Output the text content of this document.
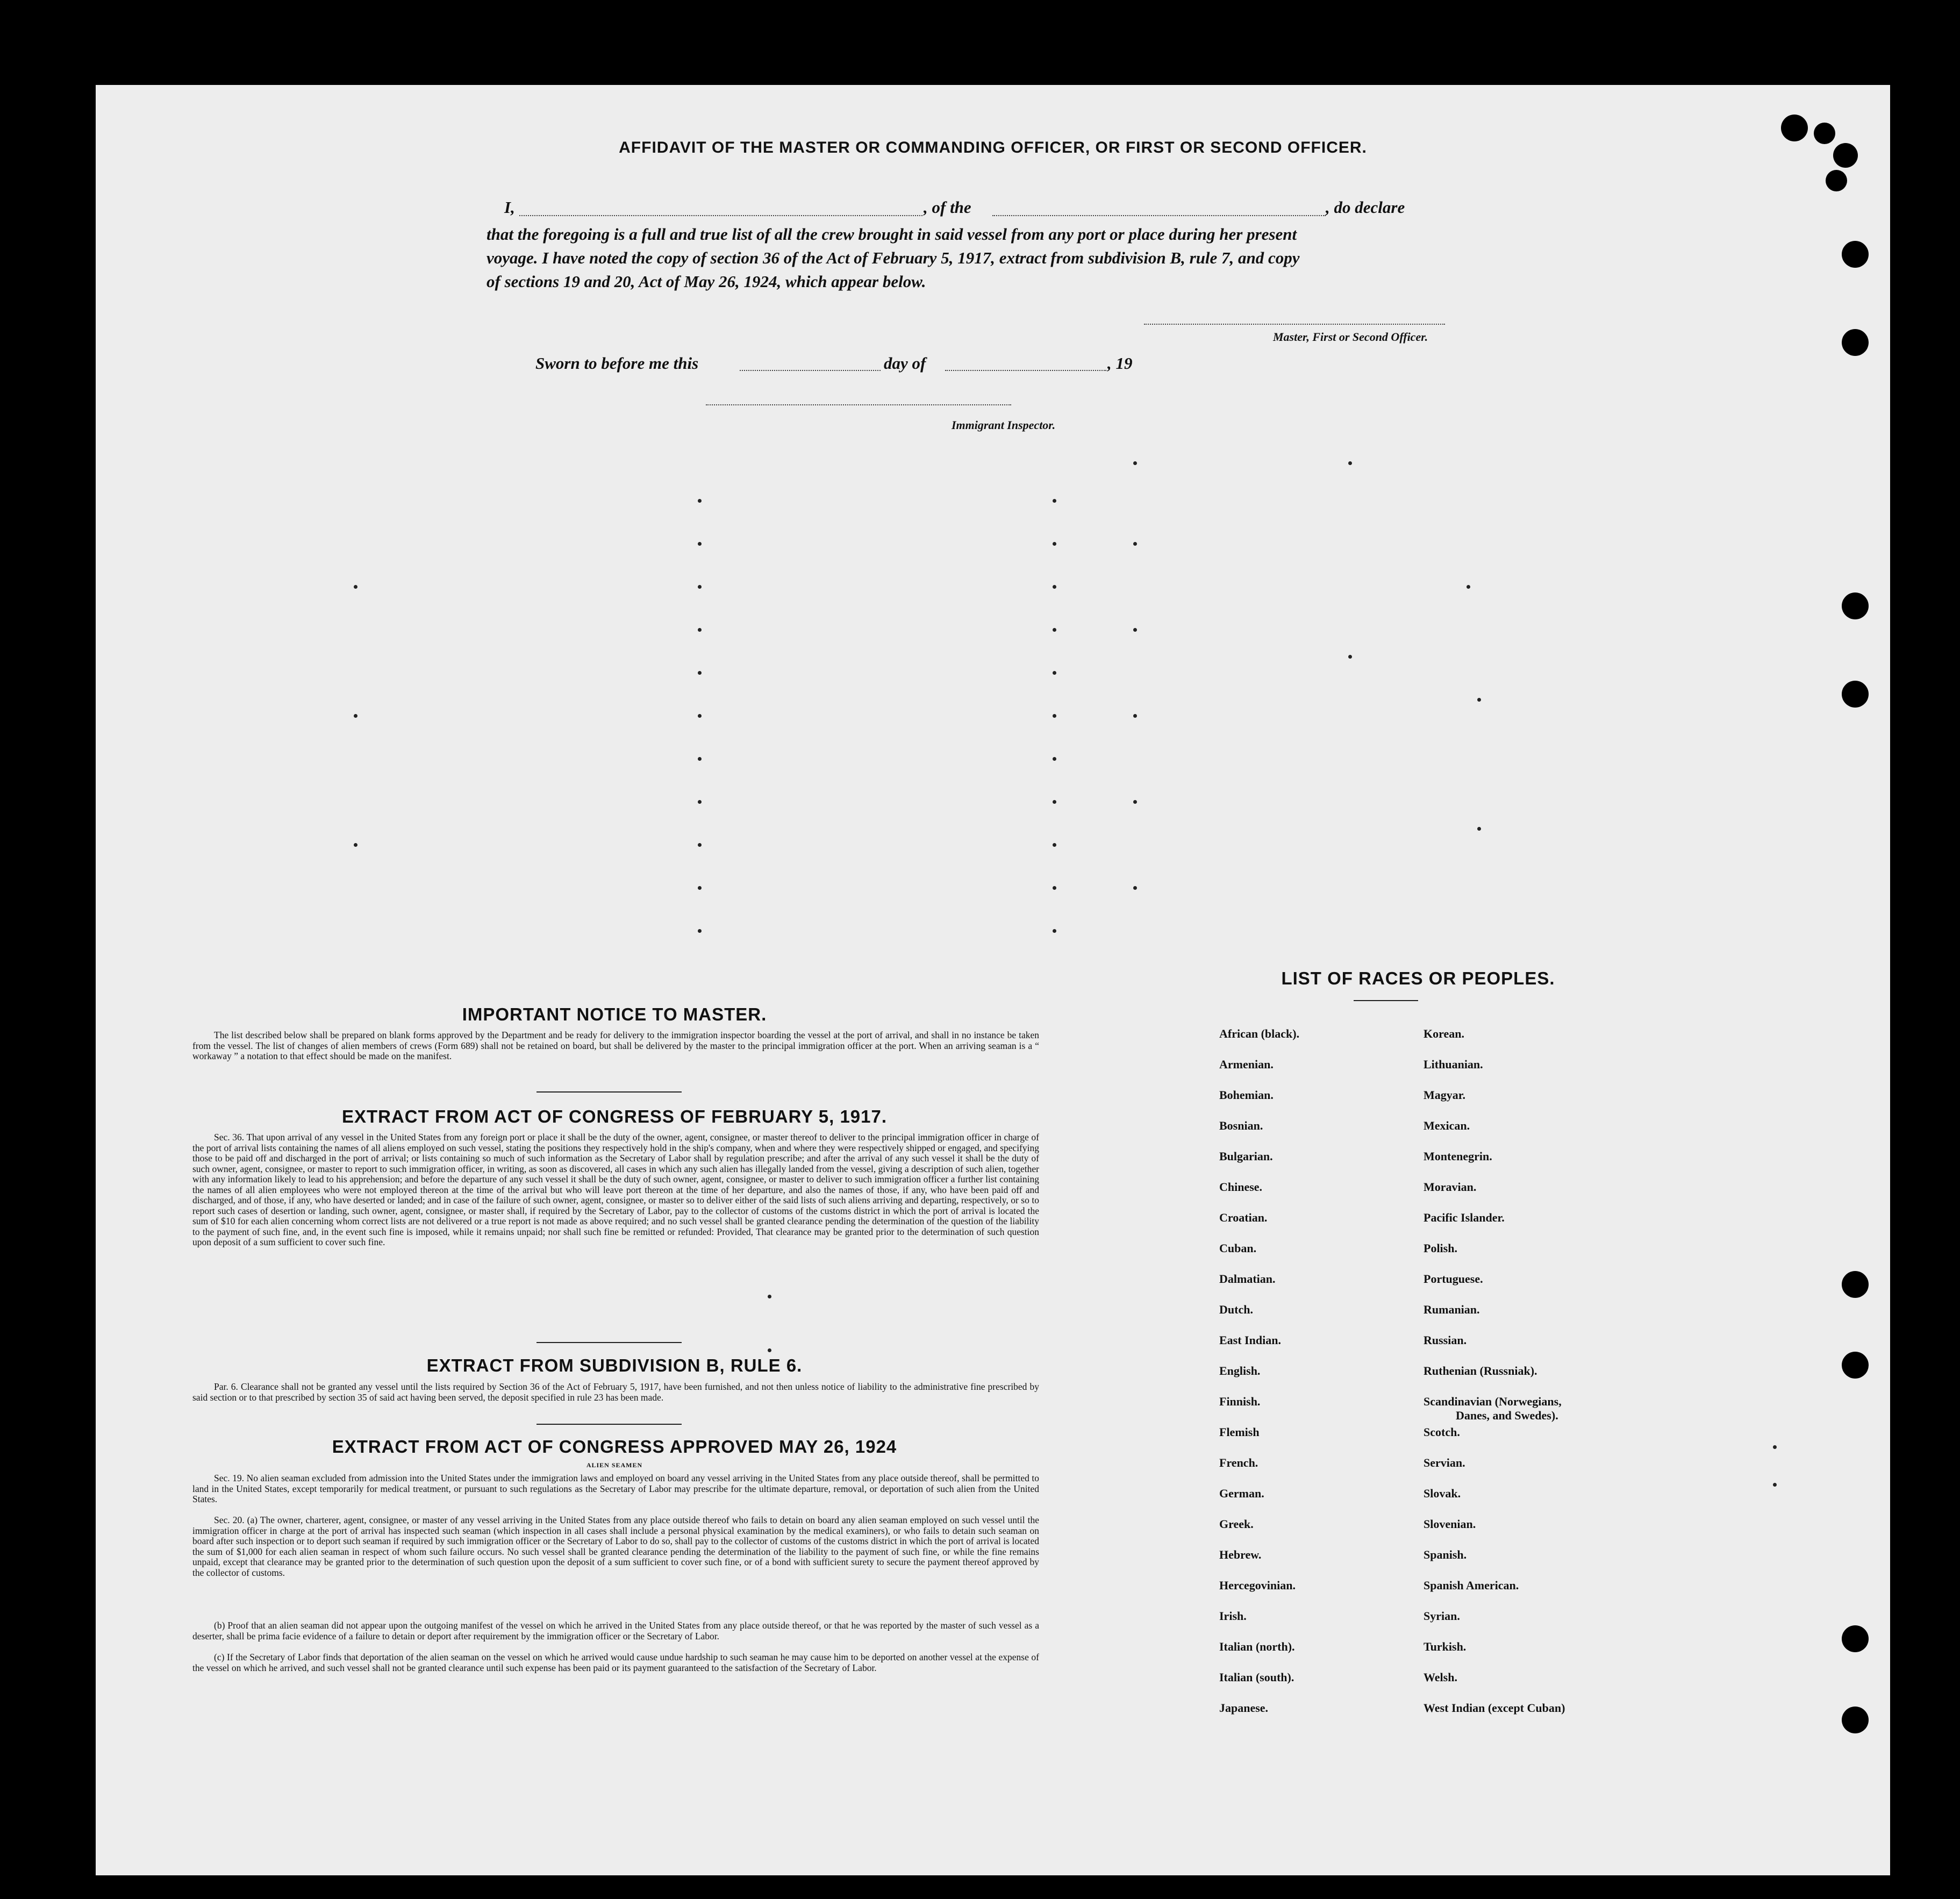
AFFIDAVIT OF THE MASTER OR COMMANDING OFFICER, OR FIRST OR SECOND OFFICER.
I,	, of the	, do declare
that the foregoing is a full and true list of all the crew brought in said vessel from any port or place during her present
voyage. I have noted the copy of section 36 of the Act of February 5, 1917, extract from subdivision B, rule 7, and copy
of sections 19 and 20, Act of May 26, 1924, which appear below.
Master, First or Second Officer.
Sworn to before me this	day of	, 19
Immigrant Inspector.
IMPORTANT NOTICE TO MASTER.
The list described below shall be prepared on blank forms approved by the Department and be ready for delivery to the immigration inspector boarding the vessel at the port of arrival, and shall in no instance be taken from the vessel. The list of changes of alien members of crews (Form 689) shall not be retained on board, but shall be delivered by the master to the principal immigration officer at the port. When an arriving seaman is a “ workaway ” a notation to that effect should be made on the manifest.
EXTRACT FROM ACT OF CONGRESS OF FEBRUARY 5, 1917.
Sec. 36. That upon arrival of any vessel in the United States from any foreign port or place it shall be the duty of the owner, agent, consignee, or master thereof to deliver to the principal immigration officer in charge of the port of arrival lists containing the names of all aliens employed on such vessel, stating the positions they respectively hold in the ship's company, when and where they were respectively shipped or engaged, and specifying those to be paid off and discharged in the port of arrival; or lists containing so much of such information as the Secretary of Labor shall by regulation prescribe; and after the arrival of any such vessel it shall be the duty of such owner, agent, consignee, or master to report to such immigration officer, in writing, as soon as discovered, all cases in which any such alien has illegally landed from the vessel, giving a description of such alien, together with any information likely to lead to his apprehension; and before the departure of any such vessel it shall be the duty of such owner, agent, consignee, or master to deliver to such immigration officer a further list containing the names of all alien employees who were not employed thereon at the time of the arrival but who will leave port thereon at the time of her departure, and also the names of those, if any, who have been paid off and discharged, and of those, if any, who have deserted or landed; and in case of the failure of such owner, agent, consignee, or master so to deliver either of the said lists of such aliens arriving and departing, respectively, or so to report such cases of desertion or landing, such owner, agent, consignee, or master shall, if required by the Secretary of Labor, pay to the collector of customs of the customs district in which the port of arrival is located the sum of $10 for each alien concerning whom correct lists are not delivered or a true report is not made as above required; and no such vessel shall be granted clearance pending the determination of the question of the liability to the payment of such fine, and, in the event such fine is imposed, while it remains unpaid; nor shall such fine be remitted or refunded: Provided, That clearance may be granted prior to the determination of such question upon deposit of a sum sufficient to cover such fine.
EXTRACT FROM SUBDIVISION B, RULE 6.
Par. 6. Clearance shall not be granted any vessel until the lists required by Section 36 of the Act of February 5, 1917, have been furnished, and not then unless notice of liability to the administrative fine prescribed by said section or to that prescribed by section 35 of said act having been served, the deposit specified in rule 23 has been made.
EXTRACT FROM ACT OF CONGRESS APPROVED MAY 26, 1924
ALIEN SEAMEN
Sec. 19. No alien seaman excluded from admission into the United States under the immigration laws and employed on board any vessel arriving in the United States from any place outside thereof, shall be permitted to land in the United States, except temporarily for medical treatment, or pursuant to such regulations as the Secretary of Labor may prescribe for the ultimate departure, removal, or deportation of such alien from the United States.
Sec. 20. (a) The owner, charterer, agent, consignee, or master of any vessel arriving in the United States from any place outside thereof who fails to detain on board any alien seaman employed on such vessel until the immigration officer in charge at the port of arrival has inspected such seaman (which inspection in all cases shall include a personal physical examination by the medical examiners), or who fails to detain such seaman on board after such inspection or to deport such seaman if required by such immigration officer or the Secretary of Labor to do so, shall pay to the collector of customs of the customs district in which the port of arrival is located the sum of $1,000 for each alien seaman in respect of whom such failure occurs. No such vessel shall be granted clearance pending the determination of the liability to the payment of such fine, or while the fine remains unpaid, except that clearance may be granted prior to the determination of such question upon the deposit of a sum sufficient to cover such fine, or of a bond with sufficient surety to secure the payment thereof approved by the collector of customs.
(b) Proof that an alien seaman did not appear upon the outgoing manifest of the vessel on which he arrived in the United States from any place outside thereof, or that he was reported by the master of such vessel as a deserter, shall be prima facie evidence of a failure to detain or deport after requirement by the immigration officer or the Secretary of Labor.
(c) If the Secretary of Labor finds that deportation of the alien seaman on the vessel on which he arrived would cause undue hardship to such seaman he may cause him to be deported on another vessel at the expense of the vessel on which he arrived, and such vessel shall not be granted clearance until such expense has been paid or its payment guaranteed to the satisfaction of the Secretary of Labor.
LIST OF RACES OR PEOPLES.
African (black).
Armenian.
Bohemian.
Bosnian.
Bulgarian.
Chinese.
Croatian.
Cuban.
Dalmatian.
Dutch.
East Indian.
English.
Finnish.
Flemish
French.
German.
Greek.
Hebrew.
Hercegovinian.
Irish.
Italian (north).
Italian (south).
Japanese.
Korean.
Lithuanian.
Magyar.
Mexican.
Montenegrin.
Moravian.
Pacific Islander.
Polish.
Portuguese.
Rumanian.
Russian.
Ruthenian (Russniak).
Scandinavian (Norwegians,
Danes, and Swedes).
Scotch.
Servian.
Slovak.
Slovenian.
Spanish.
Spanish American.
Syrian.
Turkish.
Welsh.
West Indian (except Cuban)
